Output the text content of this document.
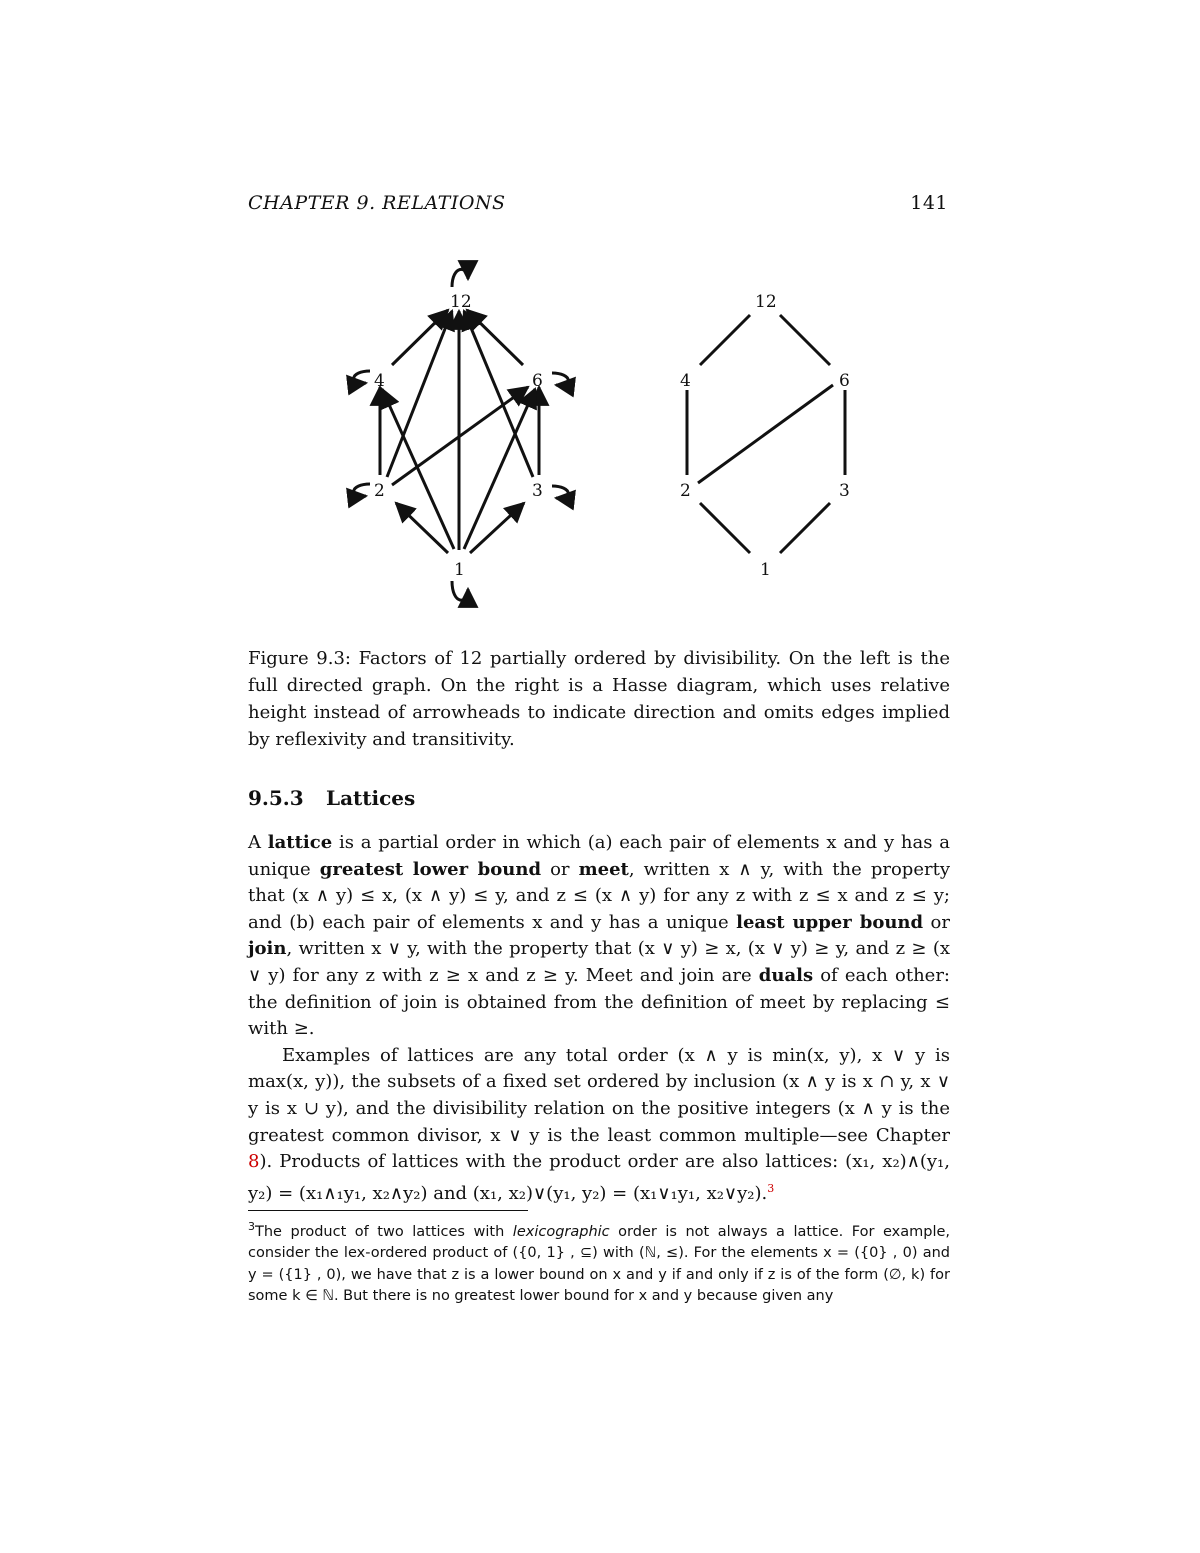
CHAPTER 9. RELATIONS	141
12
4	6
2	3
1
12
4	6
2	3
1
Figure 9.3: Factors of 12 partially ordered by divisibility. On the left is the full directed graph. On the right is a Hasse diagram, which uses relative height instead of arrowheads to indicate direction and omits edges implied by reflexivity and transitivity.
9.5.3 Lattices

A lattice is a partial order in which (a) each pair of elements x and y has a unique greatest lower bound or meet, written x ∧ y, with the property that (x ∧ y) ≤ x, (x ∧ y) ≤ y, and z ≤ (x ∧ y) for any z with z ≤ x and z ≤ y; and (b) each pair of elements x and y has a unique least upper bound or join, written x ∨ y, with the property that (x ∨ y) ≥ x, (x ∨ y) ≥ y, and z ≥ (x ∨ y) for any z with z ≥ x and z ≥ y. Meet and join are duals of each other: the definition of join is obtained from the definition of meet by replacing ≤ with ≥.

Examples of lattices are any total order (x ∧ y is min(x, y), x ∨ y is max(x, y)), the subsets of a fixed set ordered by inclusion (x ∧ y is x ∩ y, x ∨ y is x ∪ y), and the divisibility relation on the positive integers (x ∧ y is the greatest common divisor, x ∨ y is the least common multiple—see Chapter 8). Products of lattices with the product order are also lattices: (x₁, x₂)∧(y₁, y₂) = (x₁∧₁y₁, x₂∧y₂) and (x₁, x₂)∨(y₁, y₂) = (x₁∨₁y₁, x₂∨y₂).$^3$

$^3$The product of two lattices with lexicographic order is not always a lattice. For example, consider the lex-ordered product of ({0, 1} , ⊆) with (ℕ, ≤). For the elements x = ({0} , 0) and y = ({1} , 0), we have that z is a lower bound on x and y if and only if z is of the form (∅, k) for some k ∈ ℕ. But there is no greatest lower bound for x and y because given any
